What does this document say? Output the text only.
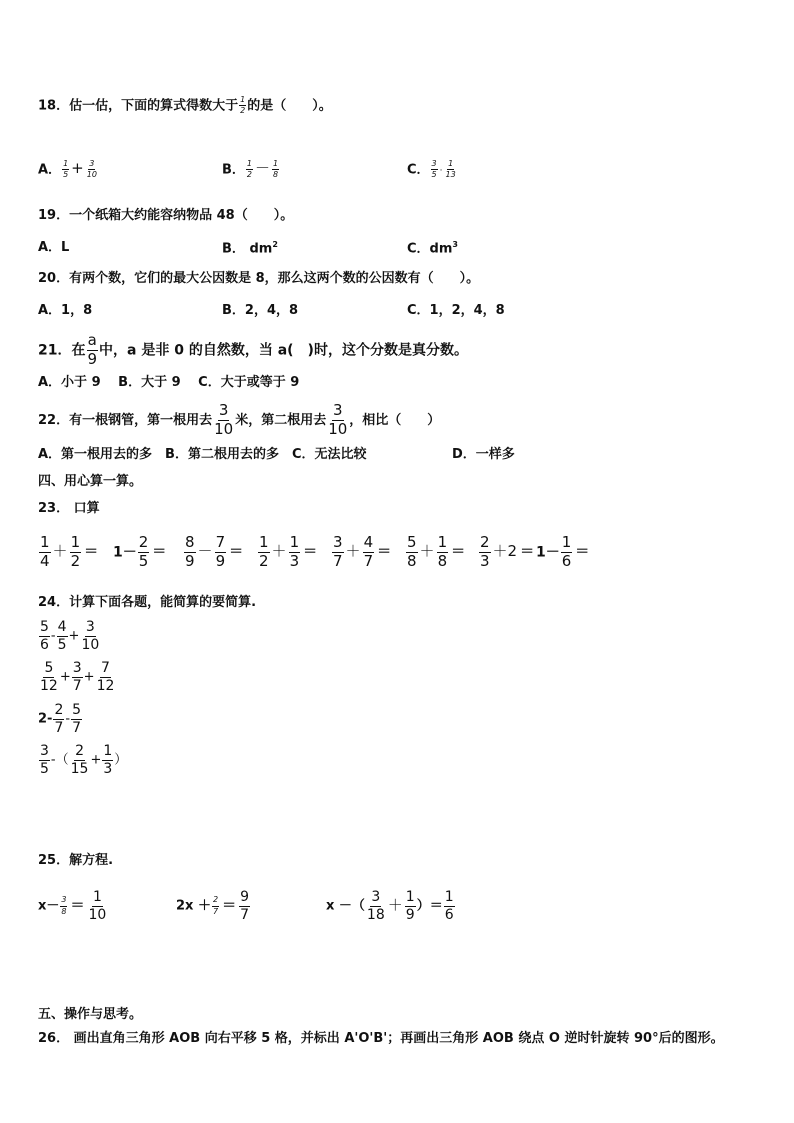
18．估一估，下面的算式得数大于 $\frac{1}{2}$ 的是（　　）。
A． $\frac{1}{5} + \frac{3}{10}$	B． $\frac{1}{2} - \frac{1}{8}$	C． $\frac{3}{5} \cdot \frac{1}{13}$
19．一个纸箱大约能容纳物品 48（　　）。
A．L	B． $dm^2$	C．$dm^3$
20．有两个数，它们的最大公因数是 8，那么这两个数的公因数有（　　）。
A．1，8	B．2，4，8	C．1，2，4，8
21．在 $\frac{a}{9}$ 中，a 是非 0 的自然数，当 a(　)时，这个分数是真分数。
A．小于 9　 B．大于 9　 C．大于或等于 9
22．有一根钢管，第一根用去 $\frac{3}{10}$ 米，第二根用去 $\frac{3}{10}$ ，相比（　　）
A．第一根用去的多　B．第二根用去的多　C．无法比较	D．一样多
四、用心算一算。
23． 口算
$\frac{1}{4} + \frac{1}{2} = 1- \frac{2}{5} = \frac{8}{9} - \frac{7}{9} = \frac{1}{2} + \frac{1}{3} = \frac{3}{7} + \frac{4}{7} = \frac{5}{8} + \frac{1}{8} = \frac{2}{3} +2 = 1- \frac{1}{6}$ ＝
24．计算下面各题，能简算的要简算.
$\frac{5}{6} - \frac{4}{5} + \frac{3}{10}$
$\frac{5}{12} + \frac{3}{7} + \frac{7}{12}$
$2- \frac{2}{7} - \frac{5}{7}$
$\frac{3}{5}$ -（ $\frac{2}{15} + \frac{1}{3}$ ）
25．解方程.
$x- \frac{3}{8} = \frac{1}{10}$	$2x + \frac{2}{7} = \frac{9}{7}$	x －（ $\frac{3}{18} + \frac{1}{9}$ ）＝ $\frac{1}{6}$
五、操作与思考。
26． 画出直角三角形 AOB 向右平移 5 格，并标出 A'O'B'；再画出三角形 AOB 绕点 O 逆时针旋转 90°后的图形。
